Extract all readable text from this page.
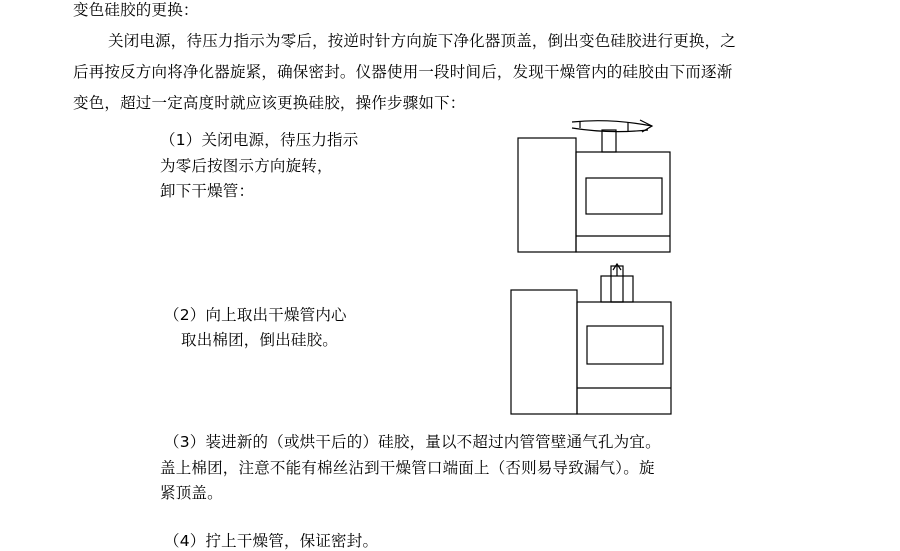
变色硅胶的更换：
关闭电源，待压力指示为零后，按逆时针方向旋下净化器顶盖，倒出变色硅胶进行更换，之
后再按反方向将净化器旋紧，确保密封。仪器使用一段时间后，发现干燥管内的硅胶由下而逐渐
变色，超过一定高度时就应该更换硅胶，操作步骤如下：
（1）关闭电源，待压力指示
为零后按图示方向旋转，
卸下干燥管：
（2）向上取出干燥管内心
取出棉团，倒出硅胶。
（3）装进新的（或烘干后的）硅胶，量以不超过内管管壁通气孔为宜。
盖上棉团，注意不能有棉丝沾到干燥管口端面上（否则易导致漏气）。旋
紧顶盖。
（4）拧上干燥管，保证密封。
